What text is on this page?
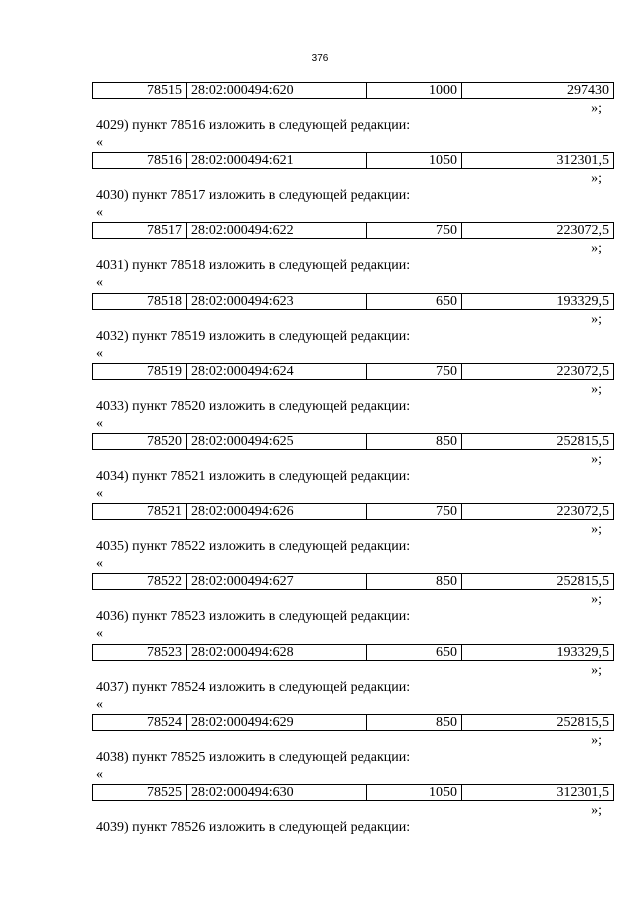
376
78515	28:02:000494:620	1000	297430
»;
4029) пункт 78516 изложить в следующей редакции:
«
78516	28:02:000494:621	1050	312301,5
»;
4030) пункт 78517 изложить в следующей редакции:
«
78517	28:02:000494:622	750	223072,5
»;
4031) пункт 78518 изложить в следующей редакции:
«
78518	28:02:000494:623	650	193329,5
»;
4032) пункт 78519 изложить в следующей редакции:
«
78519	28:02:000494:624	750	223072,5
»;
4033) пункт 78520 изложить в следующей редакции:
«
78520	28:02:000494:625	850	252815,5
»;
4034) пункт 78521 изложить в следующей редакции:
«
78521	28:02:000494:626	750	223072,5
»;
4035) пункт 78522 изложить в следующей редакции:
«
78522	28:02:000494:627	850	252815,5
»;
4036) пункт 78523 изложить в следующей редакции:
«
78523	28:02:000494:628	650	193329,5
»;
4037) пункт 78524 изложить в следующей редакции:
«
78524	28:02:000494:629	850	252815,5
»;
4038) пункт 78525 изложить в следующей редакции:
«
78525	28:02:000494:630	1050	312301,5
»;
4039) пункт 78526 изложить в следующей редакции:
